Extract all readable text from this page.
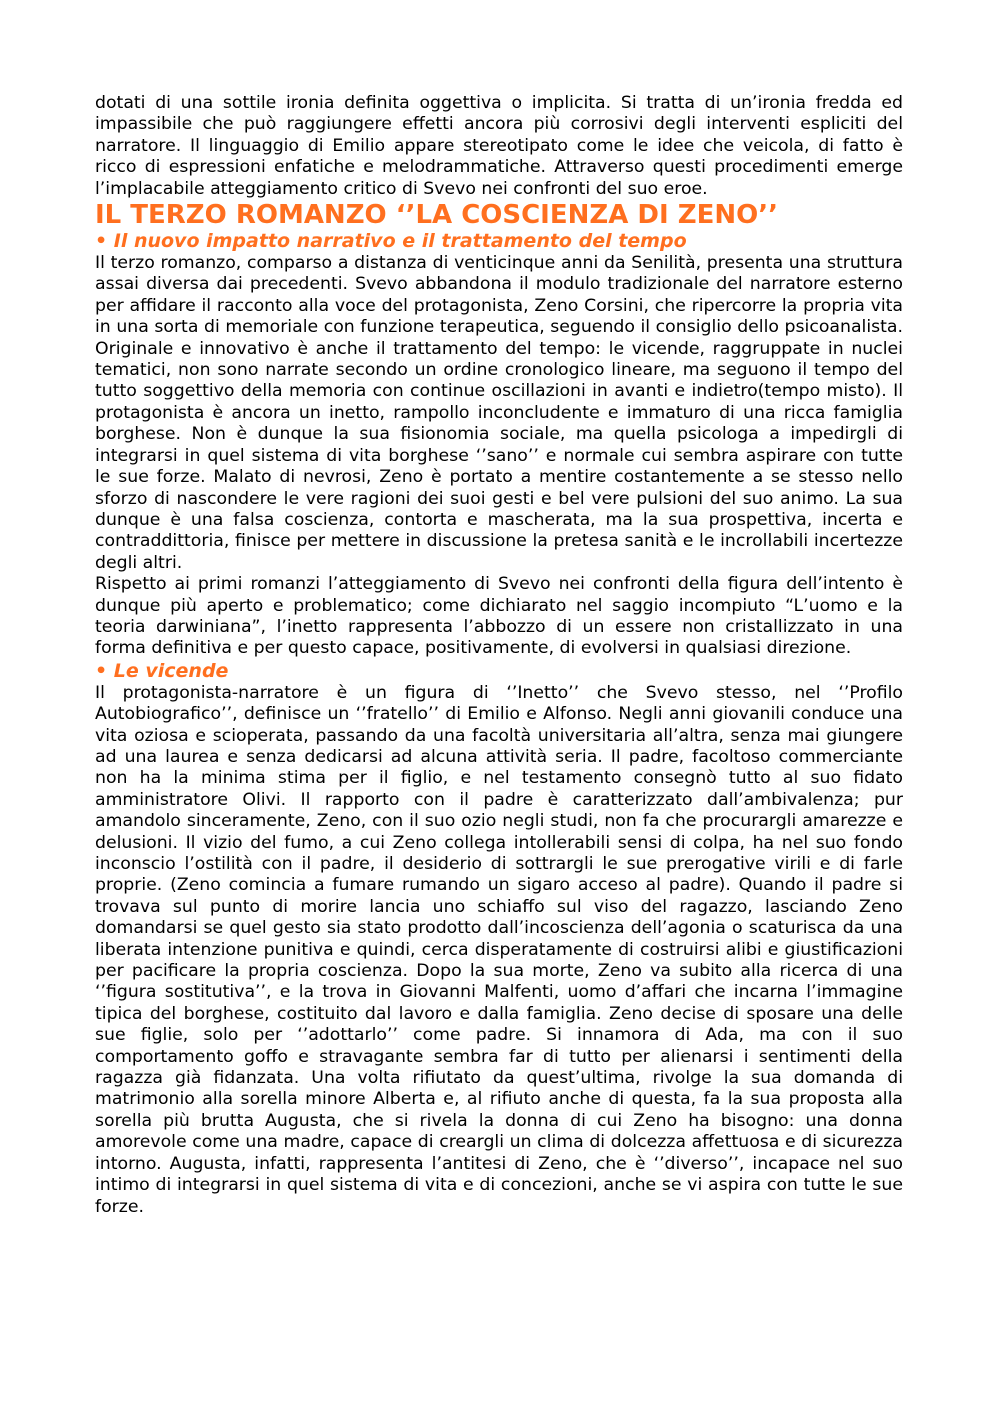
dotati di una sottile ironia definita oggettiva o implicita. Si tratta di un’ironia fredda ed impassibile che può raggiungere effetti ancora più corrosivi degli interventi espliciti del narratore. Il linguaggio di Emilio appare stereotipato come le idee che veicola, di fatto è ricco di espressioni enfatiche e melodrammatiche. Attraverso questi procedimenti emerge l’implacabile atteggiamento critico di Svevo nei confronti del suo eroe.

IL TERZO ROMANZO ‘’LA COSCIENZA DI ZENO’’
• Il nuovo impatto narrativo e il trattamento del tempo

Il terzo romanzo, comparso a distanza di venticinque anni da Senilità, presenta una struttura assai diversa dai precedenti. Svevo abbandona il modulo tradizionale del narratore esterno per affidare il racconto alla voce del protagonista, Zeno Corsini, che ripercorre la propria vita in una sorta di memoriale con funzione terapeutica, seguendo il consiglio dello psicoanalista. Originale e innovativo è anche il trattamento del tempo: le vicende, raggruppate in nuclei tematici, non sono narrate secondo un ordine cronologico lineare, ma seguono il tempo del tutto soggettivo della memoria con continue oscillazioni in avanti e indietro(tempo misto). Il protagonista è ancora un inetto, rampollo inconcludente e immaturo di una ricca famiglia borghese. Non è dunque la sua fisionomia sociale, ma quella psicologa a impedirgli di integrarsi in quel sistema di vita borghese ‘’sano’’ e normale cui sembra aspirare con tutte le sue forze. Malato di nevrosi, Zeno è portato a mentire costantemente a se stesso nello sforzo di nascondere le vere ragioni dei suoi gesti e bel vere pulsioni del suo animo. La sua dunque è una falsa coscienza, contorta e mascherata, ma la sua prospettiva, incerta e contraddittoria, finisce per mettere in discussione la pretesa sanità e le incrollabili incertezze degli altri.

Rispetto ai primi romanzi l’atteggiamento di Svevo nei confronti della figura dell’intento è dunque più aperto e problematico; come dichiarato nel saggio incompiuto “L’uomo e la teoria darwiniana”, l’inetto rappresenta l’abbozzo di un essere non cristallizzato in una forma definitiva e per questo capace, positivamente, di evolversi in qualsiasi direzione.

• Le vicende

Il protagonista-narratore è un figura di ‘’Inetto’’ che Svevo stesso, nel ‘’Profilo Autobiografico’’, definisce un ‘’fratello’’ di Emilio e Alfonso. Negli anni giovanili conduce una vita oziosa e scioperata, passando da una facoltà universitaria all’altra, senza mai giungere ad una laurea e senza dedicarsi ad alcuna attività seria. Il padre, facoltoso commerciante non ha la minima stima per il figlio, e nel testamento consegnò tutto al suo fidato amministratore Olivi. Il rapporto con il padre è caratterizzato dall’ambivalenza; pur amandolo sinceramente, Zeno, con il suo ozio negli studi, non fa che procurargli amarezze e delusioni. Il vizio del fumo, a cui Zeno collega intollerabili sensi di colpa, ha nel suo fondo inconscio l’ostilità con il padre, il desiderio di sottrargli le sue prerogative virili e di farle proprie. (Zeno comincia a fumare rumando un sigaro acceso al padre). Quando il padre si trovava sul punto di morire lancia uno schiaffo sul viso del ragazzo, lasciando Zeno domandarsi se quel gesto sia stato prodotto dall’incoscienza dell’agonia o scaturisca da una liberata intenzione punitiva e quindi, cerca disperatamente di costruirsi alibi e giustificazioni per pacificare la propria coscienza. Dopo la sua morte, Zeno va subito alla ricerca di una ‘’figura sostitutiva’’, e la trova in Giovanni Malfenti, uomo d’affari che incarna l’immagine tipica del borghese, costituito dal lavoro e dalla famiglia. Zeno decise di sposare una delle sue figlie, solo per ‘’adottarlo’’ come padre. Si innamora di Ada, ma con il suo comportamento goffo e stravagante sembra far di tutto per alienarsi i sentimenti della ragazza già fidanzata. Una volta rifiutato da quest’ultima, rivolge la sua domanda di matrimonio alla sorella minore Alberta e, al rifiuto anche di questa, fa la sua proposta alla sorella più brutta Augusta, che si rivela la donna di cui Zeno ha bisogno: una donna amorevole come una madre, capace di creargli un clima di dolcezza affettuosa e di sicurezza intorno. Augusta, infatti, rappresenta l’antitesi di Zeno, che è ‘’diverso’’, incapace nel suo intimo di integrarsi in quel sistema di vita e di concezioni, anche se vi aspira con tutte le sue forze.
